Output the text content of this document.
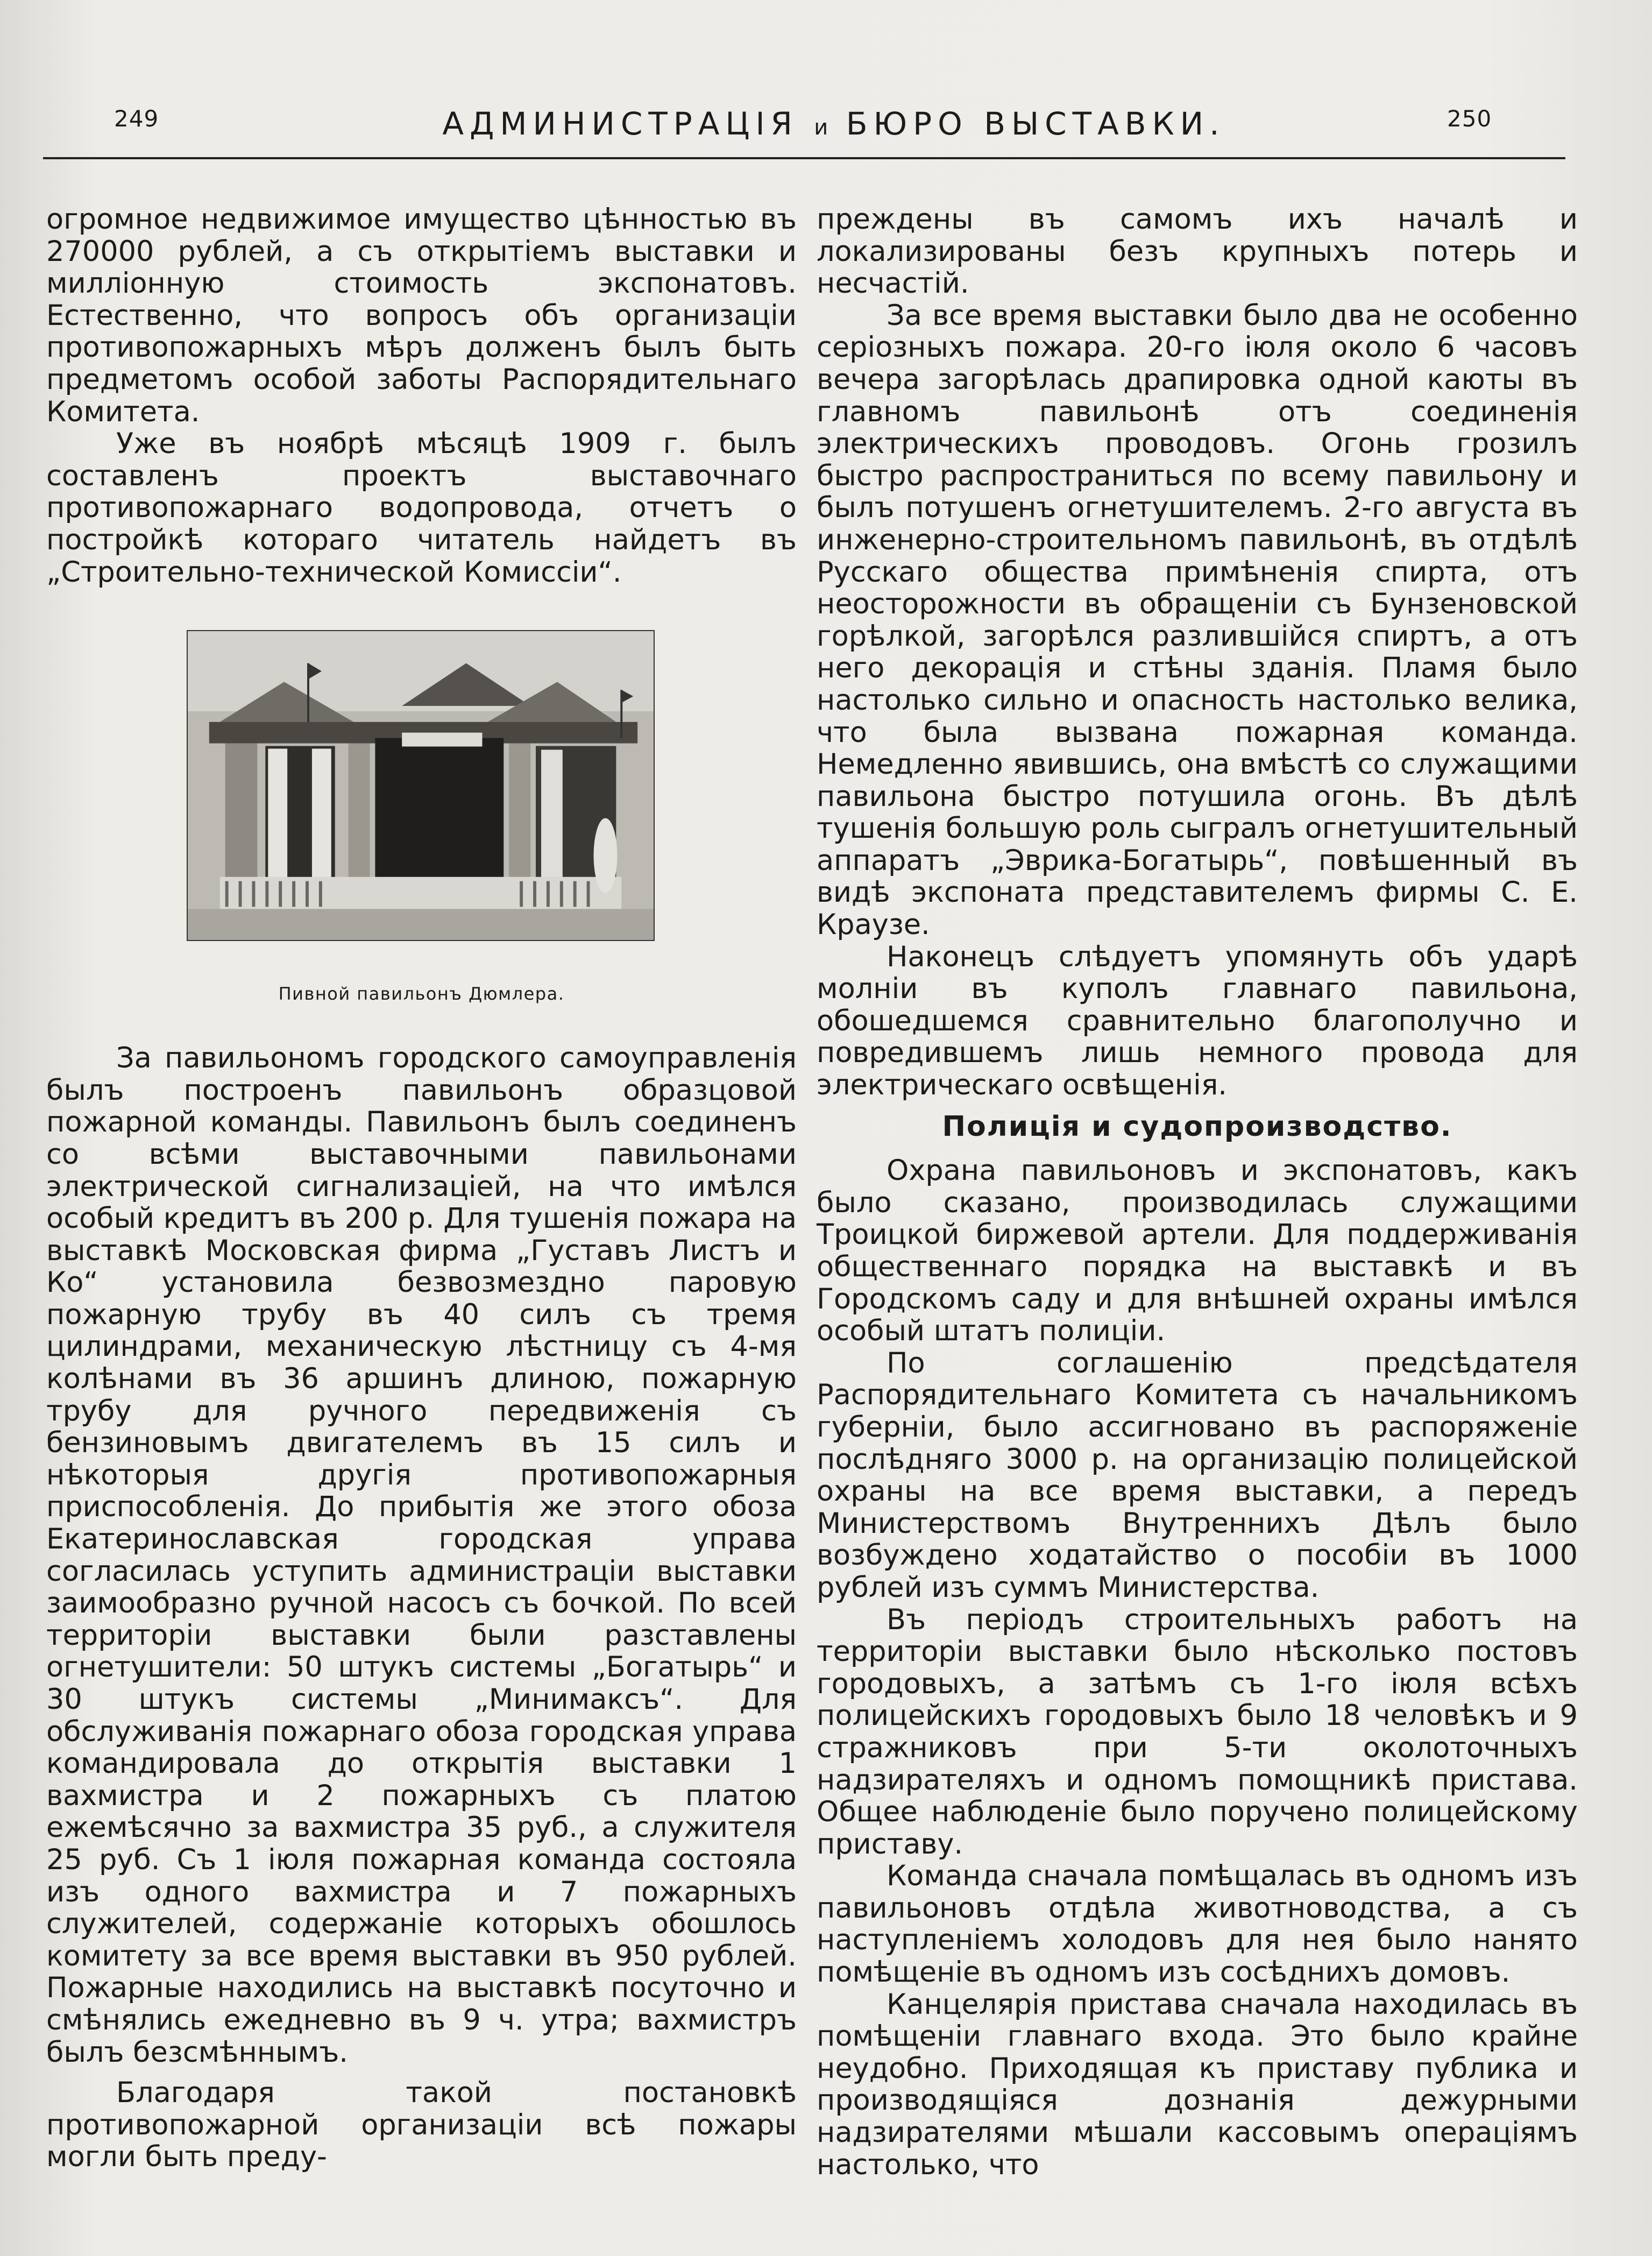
249	АДМИНИСТРАЦІЯ и БЮРО ВЫСТАВКИ.	250

огромное недвижимое имущество цѣнностью въ 270000 рублей, а съ открытіемъ выставки и милліонную стоимость экспонатовъ. Естественно, что вопросъ объ организаціи противопожарныхъ мѣръ долженъ былъ быть предметомъ особой заботы Распорядительнаго Комитета.

Уже въ ноябрѣ мѣсяцѣ 1909 г. былъ составленъ проектъ выставочнаго противопожарнаго водопровода, отчетъ о постройкѣ котораго читатель найдетъ въ „Строительно-технической Комиссіи“.

Пивной павильонъ Дюмлера.

За павильономъ городского самоуправленія былъ построенъ павильонъ образцовой пожарной команды. Павильонъ былъ соединенъ со всѣми выставочными павильонами электрической сигнализаціей, на что имѣлся особый кредитъ въ 200 р. Для тушенія пожара на выставкѣ Московская фирма „Густавъ Листъ и Ко“ установила безвозмездно паровую пожарную трубу въ 40 силъ съ тремя цилиндрами, механическую лѣстницу съ 4-мя колѣнами въ 36 аршинъ длиною, пожарную трубу для ручного передвиженія съ бензиновымъ двигателемъ въ 15 силъ и нѣкоторыя другія противопожарныя приспособленія. До прибытія же этого обоза Екатеринославская городская управа согласилась уступить администраціи выставки заимообразно ручной насосъ съ бочкой. По всей территоріи выставки были разставлены огнетушители: 50 штукъ системы „Богатырь“ и 30 штукъ системы „Минимаксъ“. Для обслуживанія пожарнаго обоза городская управа командировала до открытія выставки 1 вахмистра и 2 пожарныхъ съ платою ежемѣсячно за вахмистра 35 руб., а служителя 25 руб. Съ 1 іюля пожарная команда состояла изъ одного вахмистра и 7 пожарныхъ служителей, содержаніе которыхъ обошлось комитету за все время выставки въ 950 рублей. Пожарные находились на выставкѣ посуточно и смѣнялись ежедневно въ 9 ч. утра; вахмистръ былъ безсмѣннымъ.

Благодаря такой постановкѣ противопожарной организаціи всѣ пожары могли быть преду-

преждены въ самомъ ихъ началѣ и локализированы безъ крупныхъ потерь и несчастій.

За все время выставки было два не особенно серіозныхъ пожара. 20-го іюля около 6 часовъ вечера загорѣлась драпировка одной каюты въ главномъ павильонѣ отъ соединенія электрическихъ проводовъ. Огонь грозилъ быстро распространиться по всему павильону и былъ потушенъ огнетушителемъ. 2-го августа въ инженерно-строительномъ павильонѣ, въ отдѣлѣ Русскаго общества примѣненія спирта, отъ неосторожности въ обращеніи съ Бунзеновской горѣлкой, загорѣлся разлившійся спиртъ, а отъ него декорація и стѣны зданія. Пламя было настолько сильно и опасность настолько велика, что была вызвана пожарная команда. Немедленно явившись, она вмѣстѣ со служащими павильона быстро потушила огонь. Въ дѣлѣ тушенія большую роль сыгралъ огнетушительный аппаратъ „Эврика-Богатырь“, повѣшенный въ видѣ экспоната представителемъ фирмы С. Е. Краузе.

Наконецъ слѣдуетъ упомянуть объ ударѣ молніи въ куполъ главнаго павильона, обошедшемся сравнительно благополучно и повредившемъ лишь немного провода для электрическаго освѣщенія.

Полиція и судопроизводство.

Охрана павильоновъ и экспонатовъ, какъ было сказано, производилась служащими Троицкой биржевой артели. Для поддерживанія общественнаго порядка на выставкѣ и въ Городскомъ саду и для внѣшней охраны имѣлся особый штатъ полиціи.

По соглашенію предсѣдателя Распорядительнаго Комитета съ начальникомъ губерніи, было ассигновано въ распоряженіе послѣдняго 3000 р. на организацію полицейской охраны на все время выставки, а передъ Министерствомъ Внутреннихъ Дѣлъ было возбуждено ходатайство о пособіи въ 1000 рублей изъ суммъ Министерства.

Въ періодъ строительныхъ работъ на территоріи выставки было нѣсколько постовъ городовыхъ, а затѣмъ съ 1-го іюля всѣхъ полицейскихъ городовыхъ было 18 человѣкъ и 9 стражниковъ при 5-ти околоточныхъ надзирателяхъ и одномъ помощникѣ пристава. Общее наблюденіе было поручено полицейскому приставу.

Команда сначала помѣщалась въ одномъ изъ павильоновъ отдѣла животноводства, а съ наступленіемъ холодовъ для нея было нанято помѣщеніе въ одномъ изъ сосѣднихъ домовъ.

Канцелярія пристава сначала находилась въ помѣщеніи главнаго входа. Это было крайне неудобно. Приходящая къ приставу публика и производящіяся дознанія дежурными надзирателями мѣшали кассовымъ операціямъ настолько, что
